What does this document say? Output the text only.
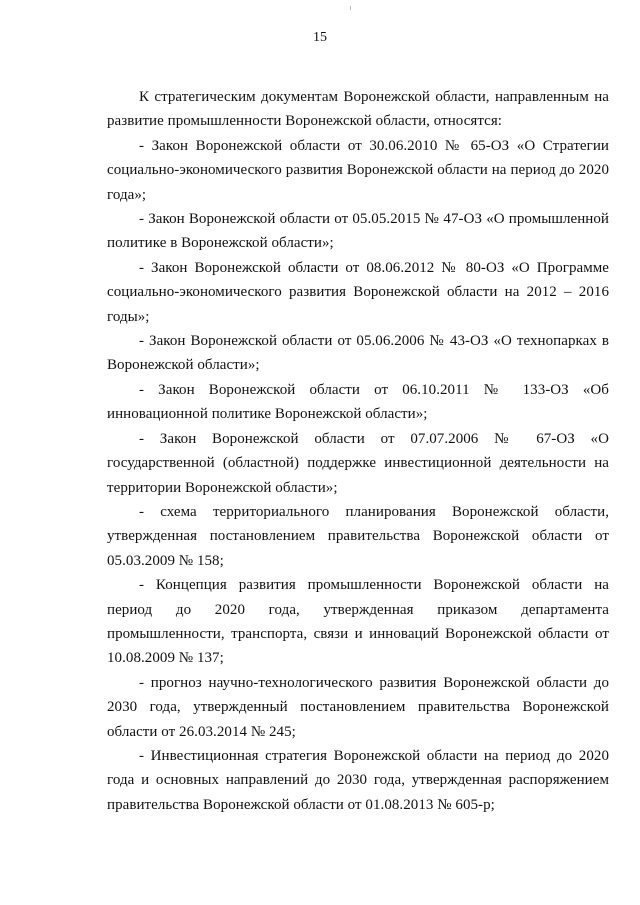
15

К стратегическим документам Воронежской области, направленным на развитие промышленности Воронежской области, относятся:

- Закон Воронежской области от 30.06.2010 № 65-ОЗ «О Стратегии социально-экономического развития Воронежской области на период до 2020 года»;

- Закон Воронежской области от 05.05.2015 № 47-ОЗ «О промышленной политике в Воронежской области»;

- Закон Воронежской области от 08.06.2012 № 80-ОЗ «О Программе социально-экономического развития Воронежской области на 2012 – 2016 годы»;

- Закон Воронежской области от 05.06.2006 № 43-ОЗ «О технопарках в Воронежской области»;

- Закон Воронежской области от 06.10.2011 № 133-ОЗ «Об инновационной политике Воронежской области»;

- Закон Воронежской области от 07.07.2006 № 67-ОЗ «О государственной (областной) поддержке инвестиционной деятельности на территории Воронежской области»;

- схема территориального планирования Воронежской области, утвержденная постановлением правительства Воронежской области от 05.03.2009 № 158;

- Концепция развития промышленности Воронежской области на период до 2020 года, утвержденная приказом департамента промышленности, транспорта, связи и инноваций Воронежской области от 10.08.2009 № 137;

- прогноз научно-технологического развития Воронежской области до 2030 года, утвержденный постановлением правительства Воронежской области от 26.03.2014 № 245;

- Инвестиционная стратегия Воронежской области на период до 2020 года и основных направлений до 2030 года, утвержденная распоряжением правительства Воронежской области от 01.08.2013 № 605-р;
